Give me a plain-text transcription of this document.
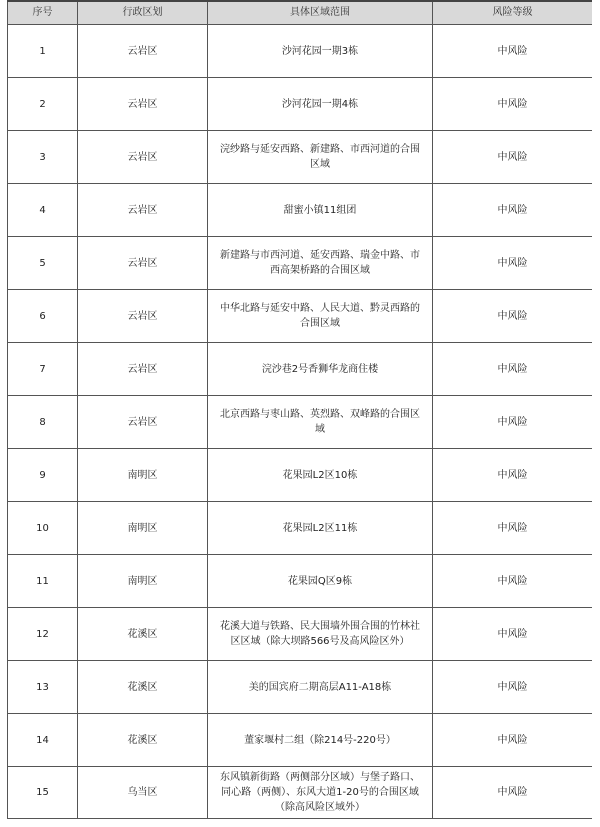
序号	行政区划	具体区域范围	风险等级
1	云岩区	沙河花园一期3栋	中风险
2	云岩区	沙河花园一期4栋	中风险
3	云岩区	浣纱路与延安西路、新建路、市西河道的合围区域	中风险
4	云岩区	甜蜜小镇11组团	中风险
5	云岩区	新建路与市西河道、延安西路、瑞金中路、市西高架桥路的合围区域	中风险
6	云岩区	中华北路与延安中路、人民大道、黔灵西路的合围区域	中风险
7	云岩区	浣沙巷2号香狮华龙商住楼	中风险
8	云岩区	北京西路与枣山路、英烈路、双峰路的合围区域	中风险
9	南明区	花果园L2区10栋	中风险
10	南明区	花果园L2区11栋	中风险
11	南明区	花果园Q区9栋	中风险
12	花溪区	花溪大道与铁路、民大围墙外围合围的竹林社区区域（除大坝路566号及高风险区外）	中风险
13	花溪区	美的国宾府二期高层A11-A18栋	中风险
14	花溪区	董家堰村二组（除214号-220号）	中风险
15	乌当区	东风镇新街路（两侧部分区域）与堡子路口、同心路（两侧）、东风大道1-20号的合围区域（除高风险区域外）	中风险
